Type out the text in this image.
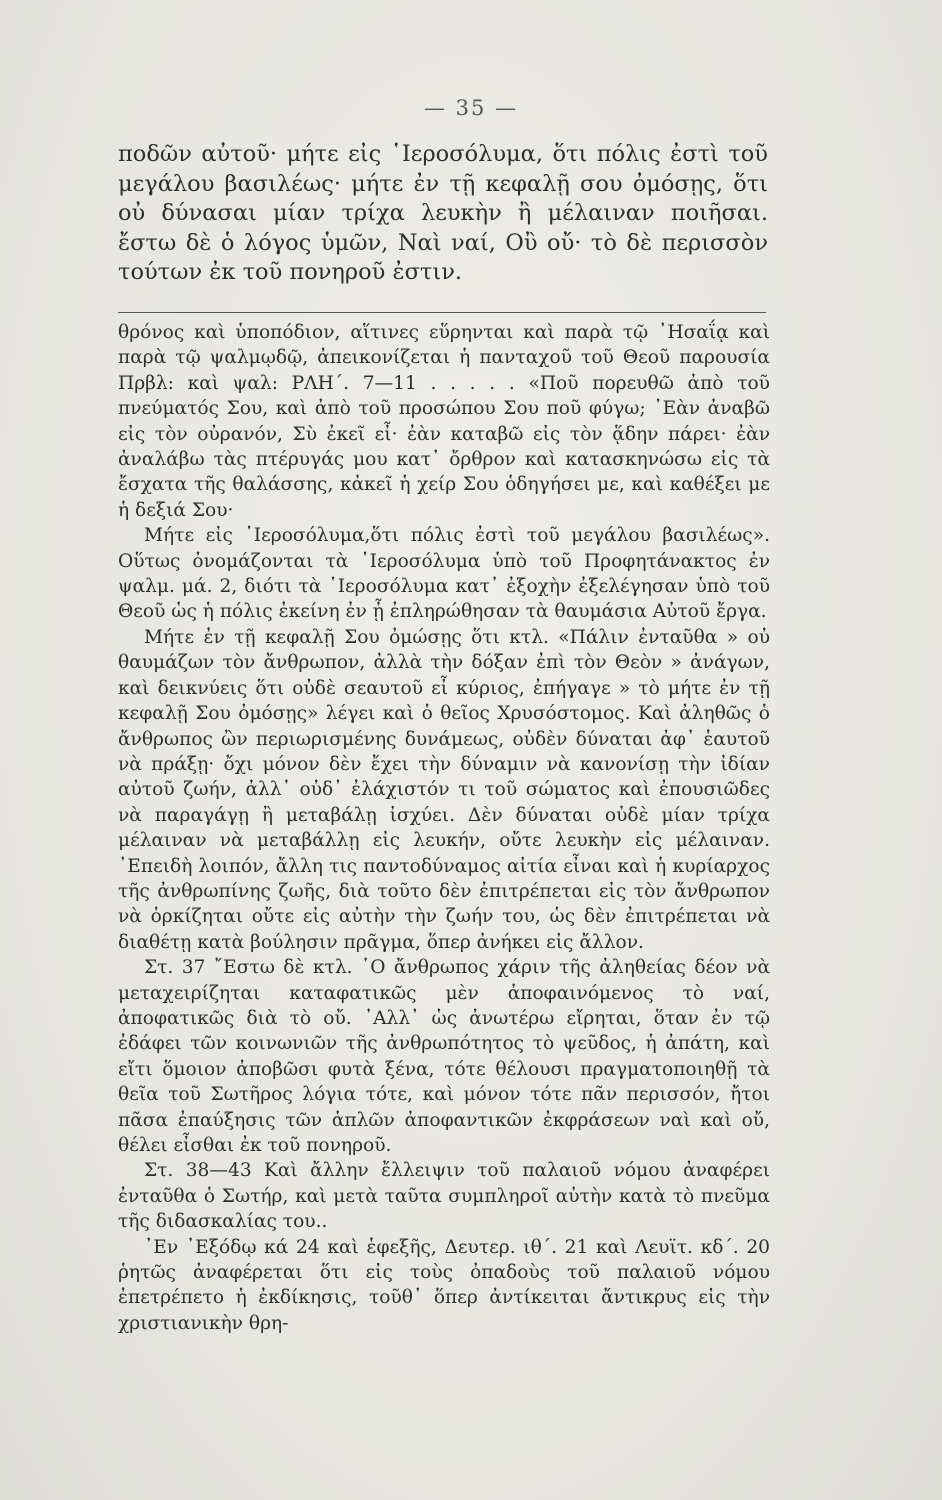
— 35 —

ποδῶν αὐτοῦ· μήτε εἰς ῾Ιεροσόλυμα, ὅτι πόλις ἐστὶ τοῦ μεγάλου βασιλέως· μήτε ἐν τῇ κεφαλῇ σου ὀμόσῃς, ὅτι οὐ δύνασαι μίαν τρίχα λευκὴν ἢ μέλαιναν ποιῆσαι. ἔστω δὲ ὁ λόγος ὑμῶν, Ναὶ ναί, Οὒ οὔ· τὸ δὲ περισσὸν τούτων ἐκ τοῦ πονηροῦ ἐστιν.

θρόνος καὶ ὑποπόδιον, αἵτινες εὕρηνται καὶ παρὰ τῷ ᾿Ησαΐᾳ καὶ παρὰ τῷ ψαλμῳδῷ, ἀπεικονίζεται ἡ πανταχοῦ τοῦ Θεοῦ παρουσία Πρβλ: καὶ ψαλ: ΡΛΗ΄. 7—11 . . . . . «Ποῦ πορευθῶ ἀπὸ τοῦ πνεύματός Σου, καὶ ἀπὸ τοῦ προσώπου Σου ποῦ φύγω; ᾿Εὰν ἀναβῶ εἰς τὸν οὐρανόν, Σὺ ἐκεῖ εἶ· ἐὰν καταβῶ εἰς τὸν ᾅδην πάρει· ἐὰν ἀναλάβω τὰς πτέρυγάς μου κατ᾿ ὄρθρον καὶ κατασκηνώσω εἰς τὰ ἔσχατα τῆς θαλάσσης, κἀκεῖ ἡ χείρ Σου ὁδηγήσει με, καὶ καθέξει με ἡ δεξιά Σου·

Μήτε εἰς ῾Ιεροσόλυμα,ὅτι πόλις ἐστὶ τοῦ μεγάλου βασιλέως». Οὕτως ὀνομάζονται τὰ ῾Ιεροσόλυμα ὑπὸ τοῦ Προφητάνακτος ἐν ψαλμ. μά. 2, διότι τὰ ῾Ιεροσόλυμα κατ᾿ ἐξοχὴν ἐξελέγησαν ὑπὸ τοῦ Θεοῦ ὡς ἡ πόλις ἐκείνη ἐν ᾗ ἐπληρώθησαν τὰ θαυμάσια Αὐτοῦ ἔργα.

Μήτε ἐν τῇ κεφαλῇ Σου ὀμώσῃς ὅτι κτλ. «Πάλιν ἐνταῦθα » οὐ θαυμάζων τὸν ἄνθρωπον, ἀλλὰ τὴν δόξαν ἐπὶ τὸν Θεὸν » ἀνάγων, καὶ δεικνύεις ὅτι οὐδὲ σεαυτοῦ εἶ κύριος, ἐπήγαγε » τὸ μήτε ἐν τῇ κεφαλῇ Σου ὀμόσῃς» λέγει καὶ ὁ θεῖος Χρυσόστομος. Καὶ ἀληθῶς ὁ ἄνθρωπος ὢν περιωρισμένης δυνάμεως, οὐδὲν δύναται ἀφ᾿ ἑαυτοῦ νὰ πράξῃ· ὄχι μόνον δὲν ἔχει τὴν δύναμιν νὰ κανονίσῃ τὴν ἰδίαν αὐτοῦ ζωήν, ἀλλ᾿ οὐδ᾿ ἐλάχιστόν τι τοῦ σώματος καὶ ἐπουσιῶδες νὰ παραγάγῃ ἢ μεταβάλῃ ἰσχύει. Δὲν δύναται οὐδὲ μίαν τρίχα μέλαιναν νὰ μεταβάλλῃ εἰς λευκήν, οὔτε λευκὴν εἰς μέλαιναν. ᾿Επειδὴ λοιπόν, ἄλλη τις παντοδύναμος αἰτία εἶναι καὶ ἡ κυρίαρχος τῆς ἀνθρωπίνης ζωῆς, διὰ τοῦτο δὲν ἐπιτρέπεται εἰς τὸν ἄνθρωπον νὰ ὁρκίζηται οὔτε εἰς αὐτὴν τὴν ζωήν του, ὡς δὲν ἐπιτρέπεται νὰ διαθέτῃ κατὰ βούλησιν πρᾶγμα, ὅπερ ἀνήκει εἰς ἄλλον.

Στ. 37 ῎Εστω δὲ κτλ. ῾Ο ἄνθρωπος χάριν τῆς ἀληθείας δέον νὰ μεταχειρίζηται καταφατικῶς μὲν ἀποφαινόμενος τὸ ναί, ἀποφατικῶς διὰ τὸ οὔ. ᾿Αλλ᾿ ὡς ἀνωτέρω εἴρηται, ὅταν ἐν τῷ ἐδάφει τῶν κοινωνιῶν τῆς ἀνθρωπότητος τὸ ψεῦδος, ἡ ἀπάτη, καὶ εἴτι ὅμοιον ἀποβῶσι φυτὰ ξένα, τότε θέλουσι πραγματοποιηθῇ τὰ θεῖα τοῦ Σωτῆρος λόγια τότε, καὶ μόνον τότε πᾶν περισσόν, ἤτοι πᾶσα ἐπαύξησις τῶν ἁπλῶν ἀποφαντικῶν ἐκφράσεων ναὶ καὶ οὔ, θέλει εἶσθαι ἐκ τοῦ πονηροῦ.

Στ. 38—43 Καὶ ἄλλην ἔλλειψιν τοῦ παλαιοῦ νόμου ἀναφέρει ἐνταῦθα ὁ Σωτήρ, καὶ μετὰ ταῦτα συμπληροῖ αὐτὴν κατὰ τὸ πνεῦμα τῆς διδασκαλίας του..

᾿Εν ᾿Εξόδῳ κά 24 καὶ ἑφεξῆς, Δευτερ. ιθ΄. 21 καὶ Λευϊτ. κδ΄. 20 ῥητῶς ἀναφέρεται ὅτι εἰς τοὺς ὀπαδοὺς τοῦ παλαιοῦ νόμου ἐπετρέπετο ἡ ἐκδίκησις, τοῦθ᾿ ὅπερ ἀντίκειται ἄντικρυς εἰς τὴν χριστιανικὴν θρη-
